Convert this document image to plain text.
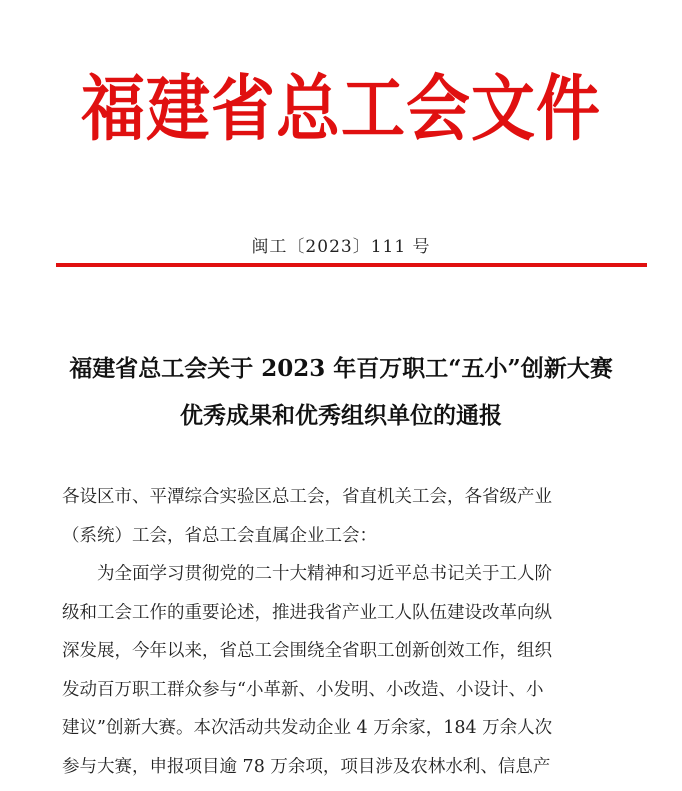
福建省总工会文件
闽工〔2023〕111 号
福建省总工会关于 2023 年百万职工“五小”创新大赛
优秀成果和优秀组织单位的通报
各设区市、平潭综合实验区总工会，省直机关工会，各省级产业
（系统）工会，省总工会直属企业工会：
为全面学习贯彻党的二十大精神和习近平总书记关于工人阶
级和工会工作的重要论述，推进我省产业工人队伍建设改革向纵
深发展，今年以来，省总工会围绕全省职工创新创效工作，组织
发动百万职工群众参与“小革新、小发明、小改造、小设计、小
建议”创新大赛。本次活动共发动企业 4 万余家，184 万余人次
参与大赛，申报项目逾 78 万余项，项目涉及农林水利、信息产
